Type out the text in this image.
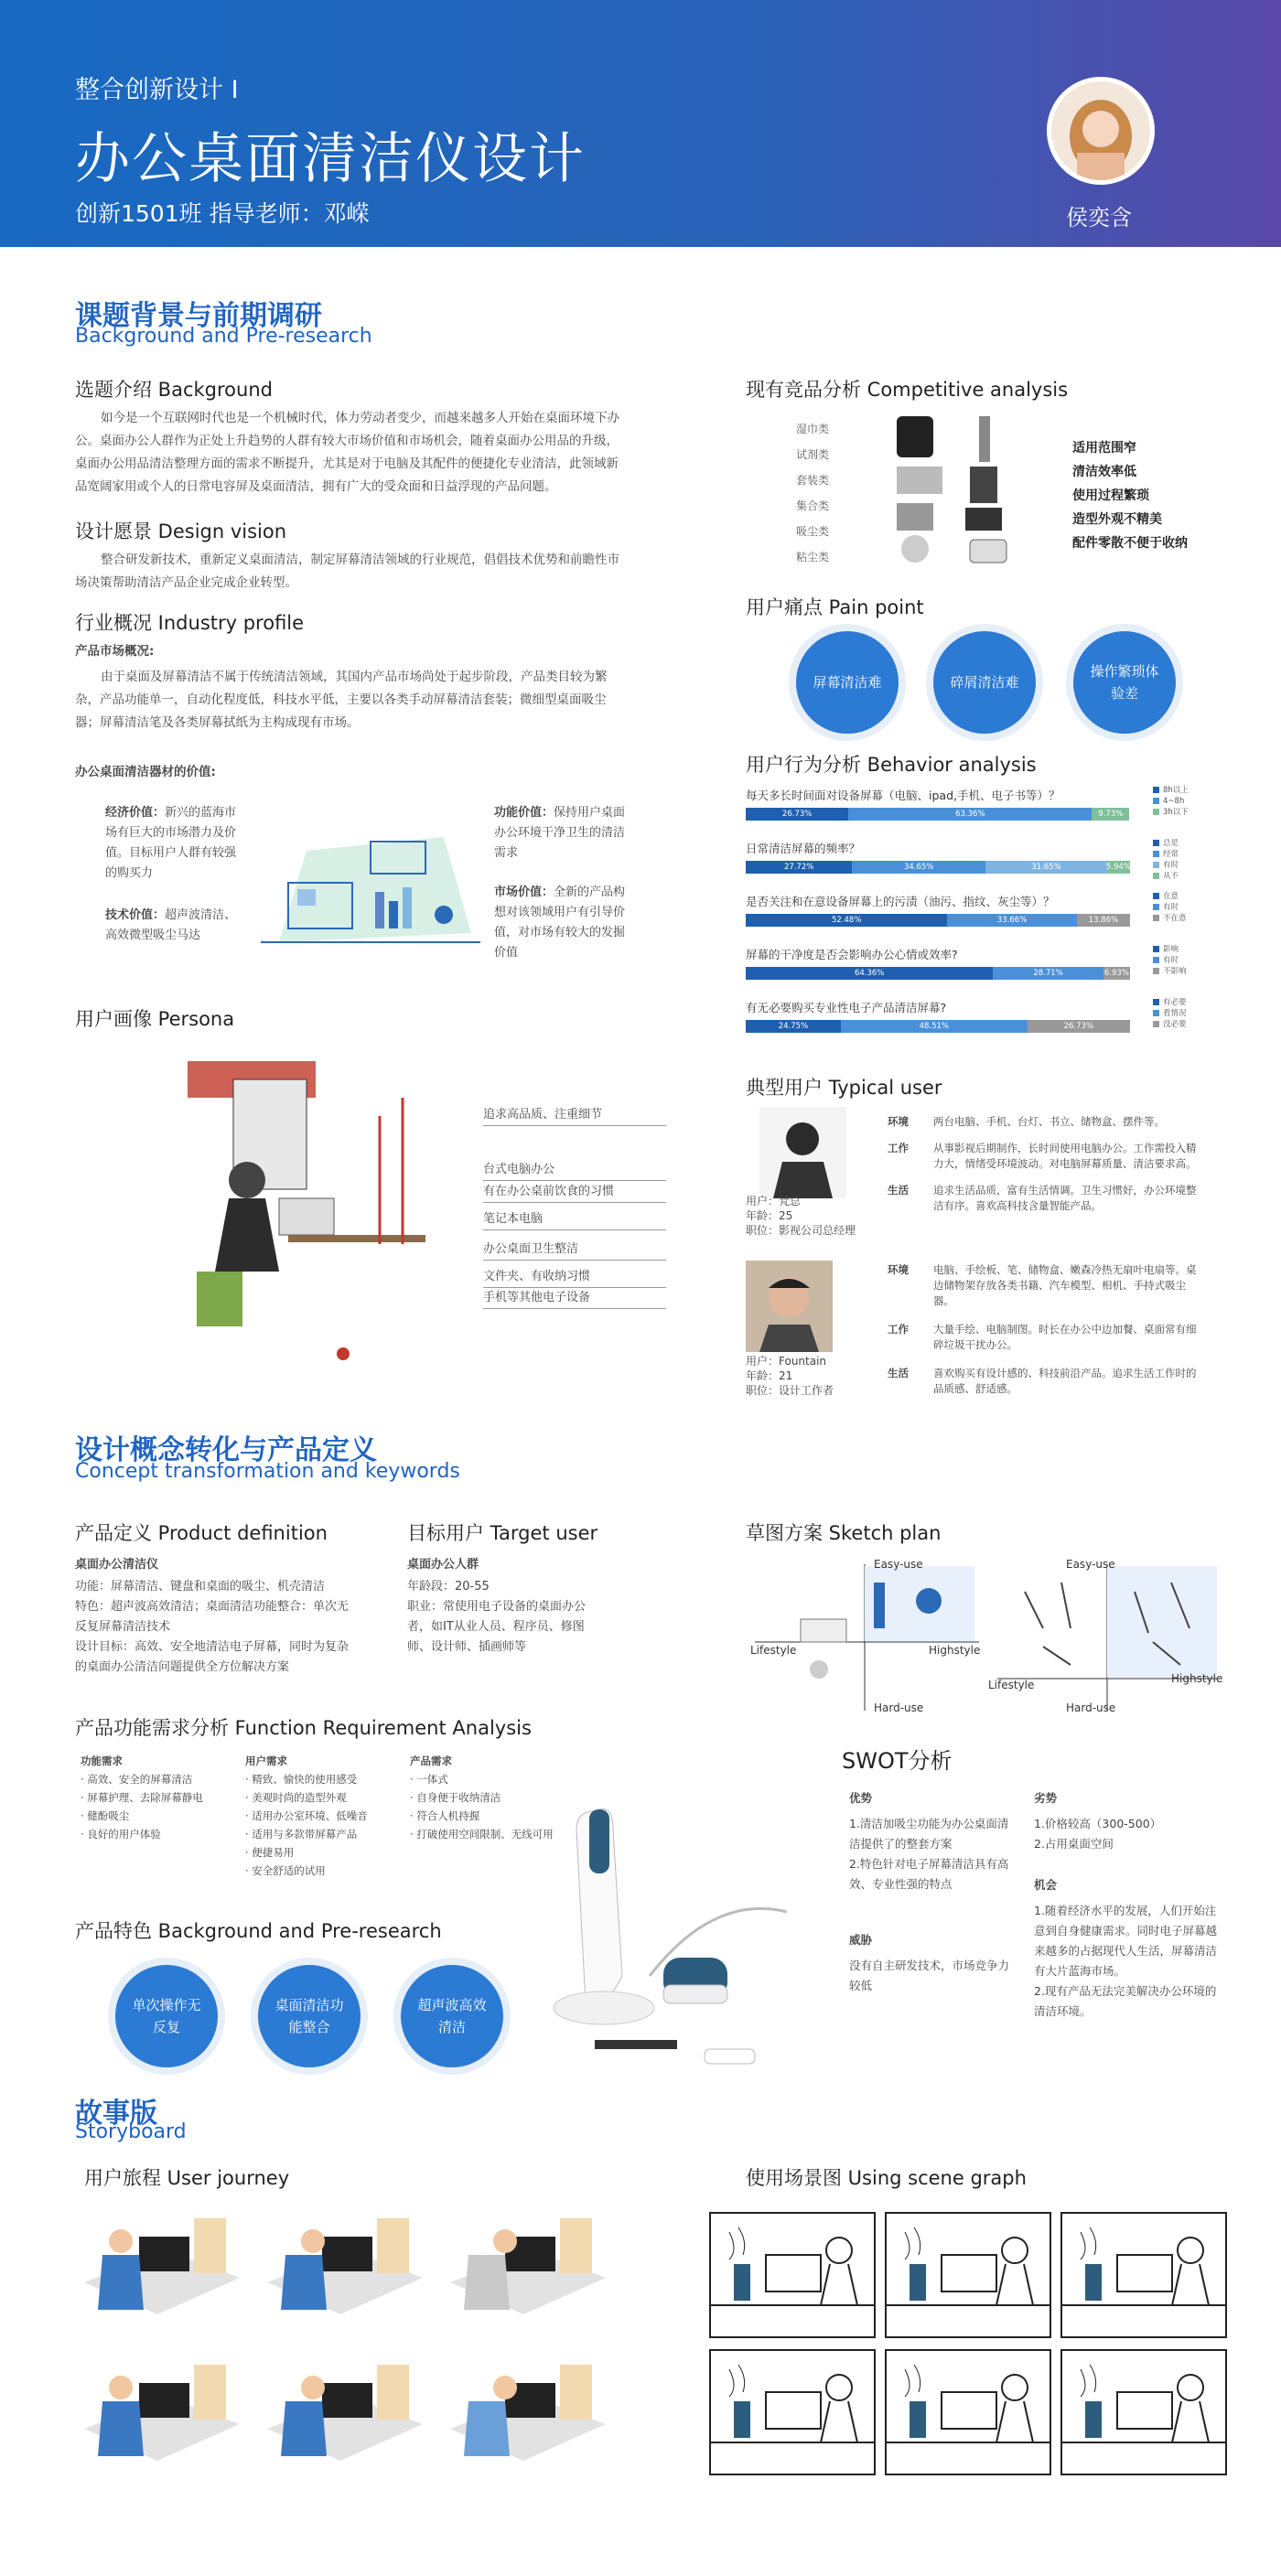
整合创新设计 I
办公桌面清洁仪设计
创新1501班 指导老师：邓嵘	侯奕含
课题背景与前期调研
Background and Pre-research
选题介绍 Background
如今是一个互联网时代也是一个机械时代，体力劳动者变少，而越来越多人开始在桌面环境下办公。桌面办公人群作为正处上升趋势的人群有较大市场价值和市场机会，随着桌面办公用品的升级，桌面办公用品清洁整理方面的需求不断提升，尤其是对于电脑及其配件的便捷化专业清洁，此领域新品宽阔家用或个人的日常电容屏及桌面清洁，拥有广大的受众面和日益浮现的产品问题。
设计愿景 Design vision
整合研发新技术，重新定义桌面清洁，制定屏幕清洁领域的行业规范，倡倡技术优势和前瞻性市场决策帮助清洁产品企业完成企业转型。
行业概况 Industry profile
产品市场概况:
由于桌面及屏幕清洁不属于传统清洁领域，其国内产品市场尚处于起步阶段，产品类目较为繁杂，产品功能单一，自动化程度低，科技水平低，主要以各类手动屏幕清洁套装；微细型桌面吸尘器；屏幕清洁笔及各类屏幕拭纸为主构成现有市场。
办公桌面清洁器材的价值:
经济价值：新兴的蓝海市场有巨大的市场潜力及价值。目标用户人群有较强的购买力
技术价值：超声波清洁、高效微型吸尘马达
功能价值：保持用户桌面办公环境干净卫生的清洁需求
市场价值：全新的产品构想对该领域用户有引导价值，对市场有较大的发掘价值
用户画像 Persona
追求高品质、注重细节
台式电脑办公
有在办公桌前饮食的习惯
笔记本电脑
办公桌面卫生整洁
文件夹、有收纳习惯
手机等其他电子设备
现有竞品分析 Competitive analysis
湿巾类
试剂类
套装类
集合类
吸尘类
粘尘类
适用范围窄
清洁效率低
使用过程繁琐
造型外观不精美
配件零散不便于收纳
用户痛点 Pain point
屏幕清洁难	碎屑清洁难
操作繁琐体验差
用户行为分析 Behavior analysis
每天多长时间面对设备屏幕（电脑、ipad,手机、电子书等）？
26.73%	63.36%	9.73%
8h以上
4~8h
3h以下
日常清洁屏幕的频率？
27.72%	34.65%	31.65%	5.94%
总是
经常
有时
从不
是否关注和在意设备屏幕上的污渍（油污、指纹、灰尘等）？
52.48%	33.66%	13.86%
在意
有时
不在意
屏幕的干净度是否会影响办公心情或效率?
64.36%	28.71%	6.93%
影响
有时
不影响
有无必要购买专业性电子产品清洁屏幕?
24.75%	48.51%	26.73%
有必要
看情况
没必要
典型用户 Typical user
用户：梵总
年龄：25
职位：影视公司总经理
环境	两台电脑、手机、台灯、书立、储物盒、摆件等。
工作	从事影视后期制作，长时间使用电脑办公。工作需投入精力大，情绪受环境波动。对电脑屏幕质量、清洁要求高。
生活	追求生活品质，富有生活情调。卫生习惯好，办公环境整洁有序。喜欢高科技含量智能产品。
用户：Fountain
年龄：21
职位：设计工作者
环境	电脑、手绘板、笔、储物盒、嫩森冷热无扇叶电扇等。桌边储物架存放各类书籍、汽车模型、相机、手持式吸尘器。
工作	大量手绘、电脑制图。时长在办公中边加餐、桌面常有细碎垃圾干扰办公。
生活	喜欢购买有设计感的、科技前沿产品。追求生活工作时的品质感、舒适感。
设计概念转化与产品定义
Concept transformation and keywords
产品定义 Product definition
桌面办公清洁仪
功能：屏幕清洁、键盘和桌面的吸尘、机壳清洁
特色：超声波高效清洁；桌面清洁功能整合：单次无反复屏幕清洁技术
设计目标：高效、安全地清洁电子屏幕，同时为复杂的桌面办公清洁问题提供全方位解决方案
目标用户 Target user
桌面办公人群
年龄段：20-55
职业：常使用电子设备的桌面办公者，如IT从业人员、程序员、修图师、设计师、插画师等
草图方案 Sketch plan
Easy-use
Hard-use
Lifestyle	Highstyle
Easy-use
Hard-use
Lifestyle	Highstyle
产品功能需求分析 Function Requirement Analysis
功能需求
· 高效、安全的屏幕清洁
· 屏幕护理、去除屏幕静电
· 健酚吸尘
· 良好的用户体验
用户需求
· 精致、愉快的使用感受
· 美观时尚的造型外观
· 适用办公室环境、低噪音
· 适用与多款带屏幕产品
· 便捷易用
· 安全舒适的试用
产品需求
· 一体式
· 自身便于收纳清洁
· 符合人机持握
· 打破使用空间限制、无线可用
产品特色 Background and Pre-research
单次操作无反复
桌面清洁功能整合
超声波高效清洁
SWOT分析
优势
1.清洁加吸尘功能为办公桌面清洁提供了的整套方案
2.特色针对电子屏幕清洁具有高效、专业性强的特点
劣势
1.价格较高（300-500）
2.占用桌面空间
威胁
没有自主研发技术，市场竞争力较低
机会
1.随着经济水平的发展，人们开始注意到自身健康需求。同时电子屏幕越来越多的占据现代人生活，屏幕清洁有大片蓝海市场。
2.现有产品无法完美解决办公环境的清洁环境。
故事版
Storyboard
用户旅程 User journey	使用场景图 Using scene graph
